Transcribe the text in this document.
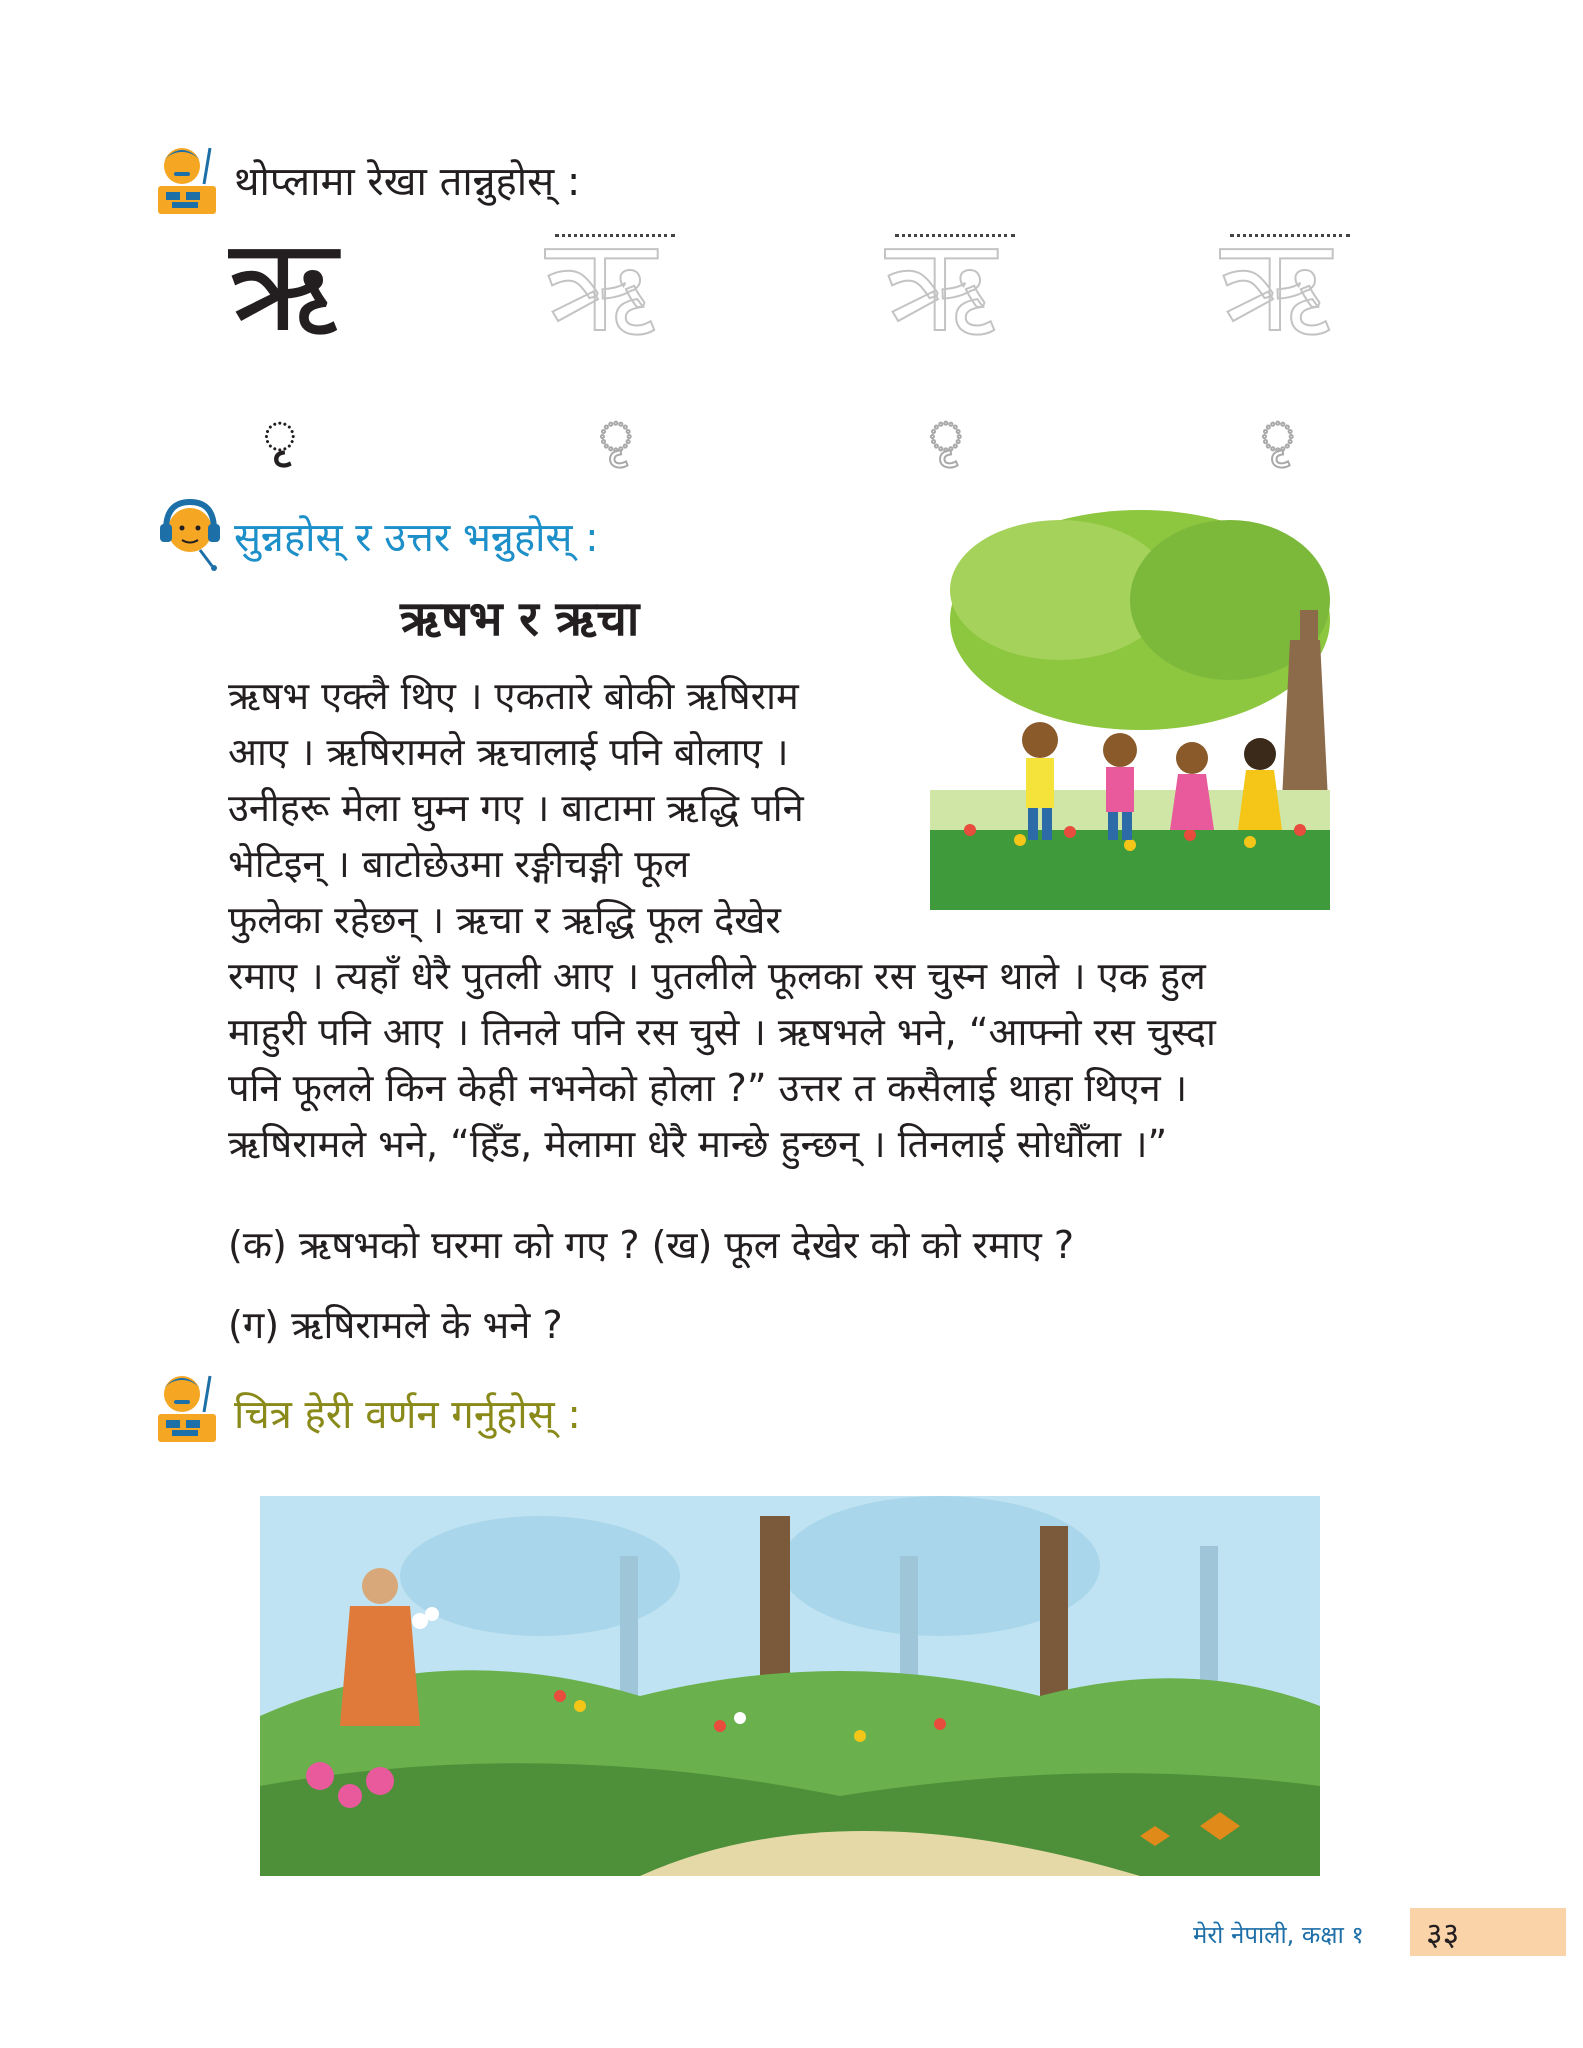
थोप्लामा रेखा तान्नुहोस् :
ऋ ऋ ऋ ऋ
ृ	ृ	ृ	ृ
सुन्नहोस् र उत्तर भन्नुहोस् :
ऋषभ र ऋचा
ऋषभ एक्लै थिए । एकतारे बोकी ऋषिराम
आए । ऋषिरामले ऋचालाई पनि बोलाए ।
उनीहरू मेला घुम्न गए । बाटामा ऋद्धि पनि
भेटिइन् । बाटोछेउमा रङ्गीचङ्गी फूल
फुलेका रहेछन् । ऋचा र ऋद्धि फूल देखेर
रमाए । त्यहाँ धेरै पुतली आए । पुतलीले फूलका रस चुस्न थाले । एक हुल
माहुरी पनि आए । तिनले पनि रस चुसे । ऋषभले भने, “आफ्नो रस चुस्दा
पनि फूलले किन केही नभनेको होला ?” उत्तर त कसैलाई थाहा थिएन ।
ऋषिरामले भने, “हिँड, मेलामा धेरै मान्छे हुन्छन् । तिनलाई सोधौँला ।”
(क) ऋषभको घरमा को गए ? (ख) फूल देखेर को को रमाए ?
(ग) ऋषिरामले के भने ?
चित्र हेरी वर्णन गर्नुहोस् :
मेरो नेपाली, कक्षा १ ३३
